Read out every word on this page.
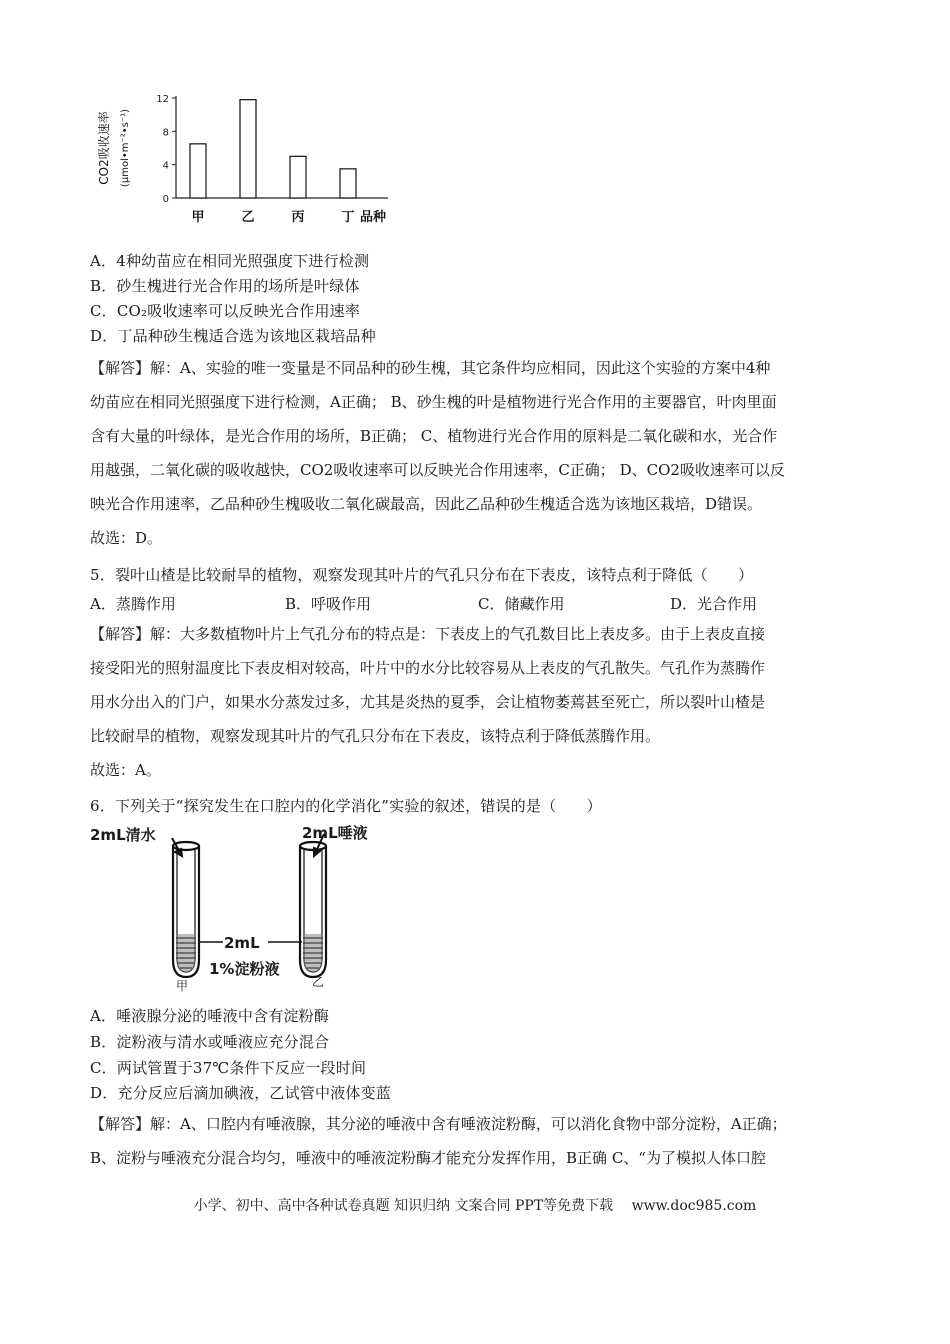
0
4
8
12
甲	乙	丙	丁 品种
CO2吸收速率 (μmol•m⁻²•s⁻¹)
A．4种幼苗应在相同光照强度下进行检测
B．砂生槐进行光合作用的场所是叶绿体
C．CO₂吸收速率可以反映光合作用速率
D．丁品种砂生槐适合选为该地区栽培品种

【解答】解：A、实验的唯一变量是不同品种的砂生槐，其它条件均应相同，因此这个实验的方案中4种

幼苗应在相同光照强度下进行检测，A正确； B、砂生槐的叶是植物进行光合作用的主要器官，叶肉里面

含有大量的叶绿体，是光合作用的场所，B正确； C、植物进行光合作用的原料是二氧化碳和水，光合作

用越强，二氧化碳的吸收越快，CO2吸收速率可以反映光合作用速率，C正确； D、CO2吸收速率可以反

映光合作用速率，乙品种砂生槐吸收二氧化碳最高，因此乙品种砂生槐适合选为该地区栽培，D错误。

故选：D。

5．裂叶山楂是比较耐旱的植物，观察发现其叶片的气孔只分布在下表皮，该特点利于降低（　　）
A．蒸腾作用	B．呼吸作用	C．储藏作用	D．光合作用

【解答】解：大多数植物叶片上气孔分布的特点是：下表皮上的气孔数目比上表皮多。由于上表皮直接

接受阳光的照射温度比下表皮相对较高，叶片中的水分比较容易从上表皮的气孔散失。气孔作为蒸腾作

用水分出入的门户，如果水分蒸发过多，尤其是炎热的夏季，会让植物萎蔫甚至死亡，所以裂叶山楂是

比较耐旱的植物，观察发现其叶片的气孔只分布在下表皮，该特点利于降低蒸腾作用。

故选：A。

6．下列关于“探究发生在口腔内的化学消化”实验的叙述，错误的是（　　）
2mL清水	2mL唾液
2mL
1%淀粉液
甲	乙
A．唾液腺分泌的唾液中含有淀粉酶
B．淀粉液与清水或唾液应充分混合
C．两试管置于37℃条件下反应一段时间
D．充分反应后滴加碘液，乙试管中液体变蓝

【解答】解：A、口腔内有唾液腺，其分泌的唾液中含有唾液淀粉酶，可以消化食物中部分淀粉，A正确；

B、淀粉与唾液充分混合均匀，唾液中的唾液淀粉酶才能充分发挥作用，B正确 C、“为了模拟人体口腔

小学、初中、高中各种试卷真题 知识归纳 文案合同 PPT等免费下载　 www.doc985.com
